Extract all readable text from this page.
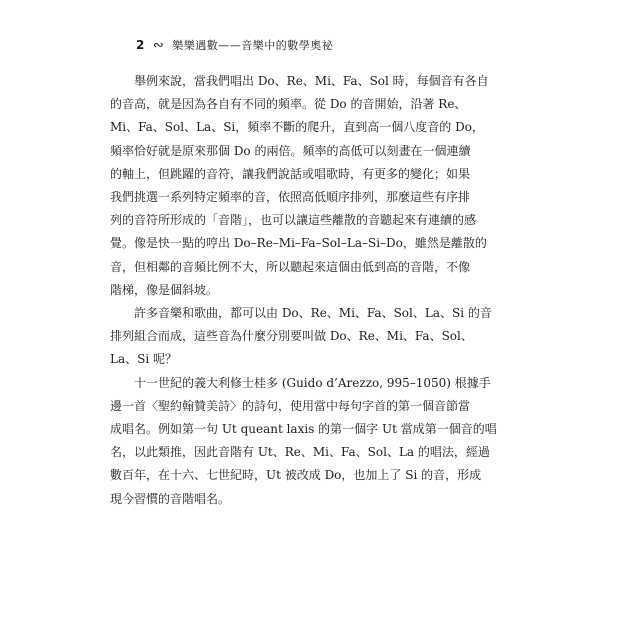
2 ∾ 樂樂遇數——音樂中的數學奧祕

舉例來說，當我們唱出 Do、Re、Mi、Fa、Sol 時，每個音有各自
的音高，就是因為各自有不同的頻率。從 Do 的音開始，沿著 Re、
Mi、Fa、Sol、La、Si，頻率不斷的爬升，直到高一個八度音的 Do，
頻率恰好就是原來那個 Do 的兩倍。頻率的高低可以刻畫在一個連續
的軸上，但跳躍的音符，讓我們說話或唱歌時，有更多的變化；如果
我們挑選一系列特定頻率的音，依照高低順序排列，那麼這些有序排
列的音符所形成的「音階」，也可以讓這些離散的音聽起來有連續的感
覺。像是快一點的哼出 Do–Re–Mi–Fa–Sol–La–Si–Do，雖然是離散的
音，但相鄰的音頻比例不大，所以聽起來這個由低到高的音階，不像
階梯，像是個斜坡。

許多音樂和歌曲，都可以由 Do、Re、Mi、Fa、Sol、La、Si 的音
排列組合而成，這些音為什麼分別要叫做 Do、Re、Mi、Fa、Sol、
La、Si 呢？

十一世紀的義大利修士桂多 (Guido d’Arezzo, 995–1050) 根據手
邊一首〈聖約翰贊美詩〉的詩句，使用當中每句字首的第一個音節當
成唱名。例如第一句 Ut queant laxis 的第一個字 Ut 當成第一個音的唱
名，以此類推，因此音階有 Ut、Re、Mi、Fa、Sol、La 的唱法，經過
數百年，在十六、七世紀時，Ut 被改成 Do，也加上了 Si 的音，形成
現今習慣的音階唱名。
